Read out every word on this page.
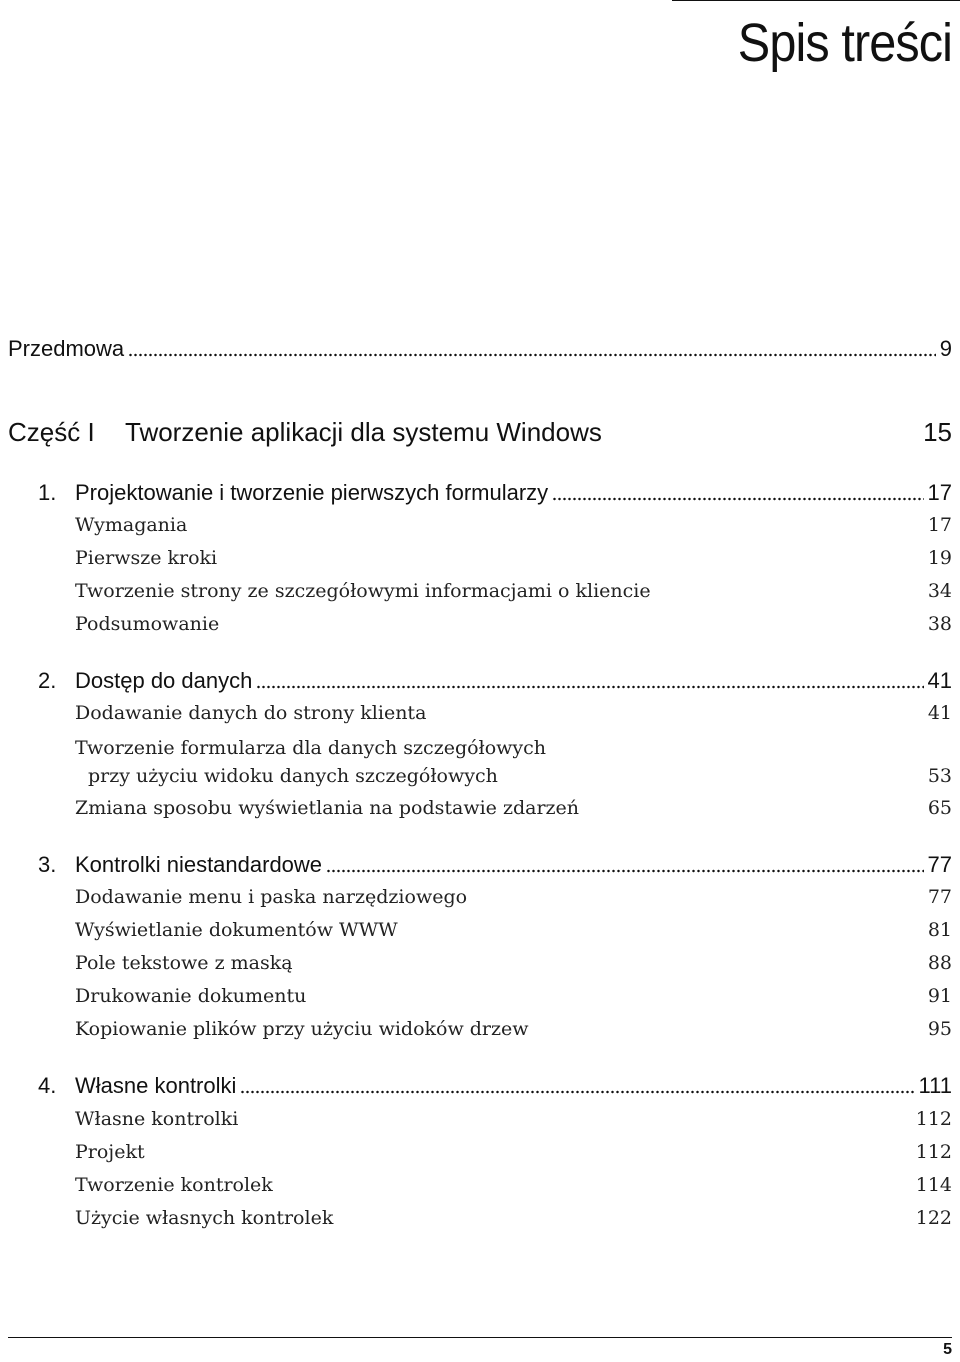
Spis treści
Przedmowa	9
Część I	Tworzenie aplikacji dla systemu Windows	15
1. Projektowanie i tworzenie pierwszych formularzy	17
Wymagania	17
Pierwsze kroki	19
Tworzenie strony ze szczegółowymi informacjami o kliencie	34
Podsumowanie	38
2. Dostęp do danych	41
Dodawanie danych do strony klienta	41
Tworzenie formularza dla danych szczegółowych
przy użyciu widoku danych szczegółowych	53
Zmiana sposobu wyświetlania na podstawie zdarzeń	65
3. Kontrolki niestandardowe	77
Dodawanie menu i paska narzędziowego	77
Wyświetlanie dokumentów WWW	81
Pole tekstowe z maską	88
Drukowanie dokumentu	91
Kopiowanie plików przy użyciu widoków drzew	95
4. Własne kontrolki	111
Własne kontrolki	112
Projekt	112
Tworzenie kontrolek	114
Użycie własnych kontrolek	122
5
